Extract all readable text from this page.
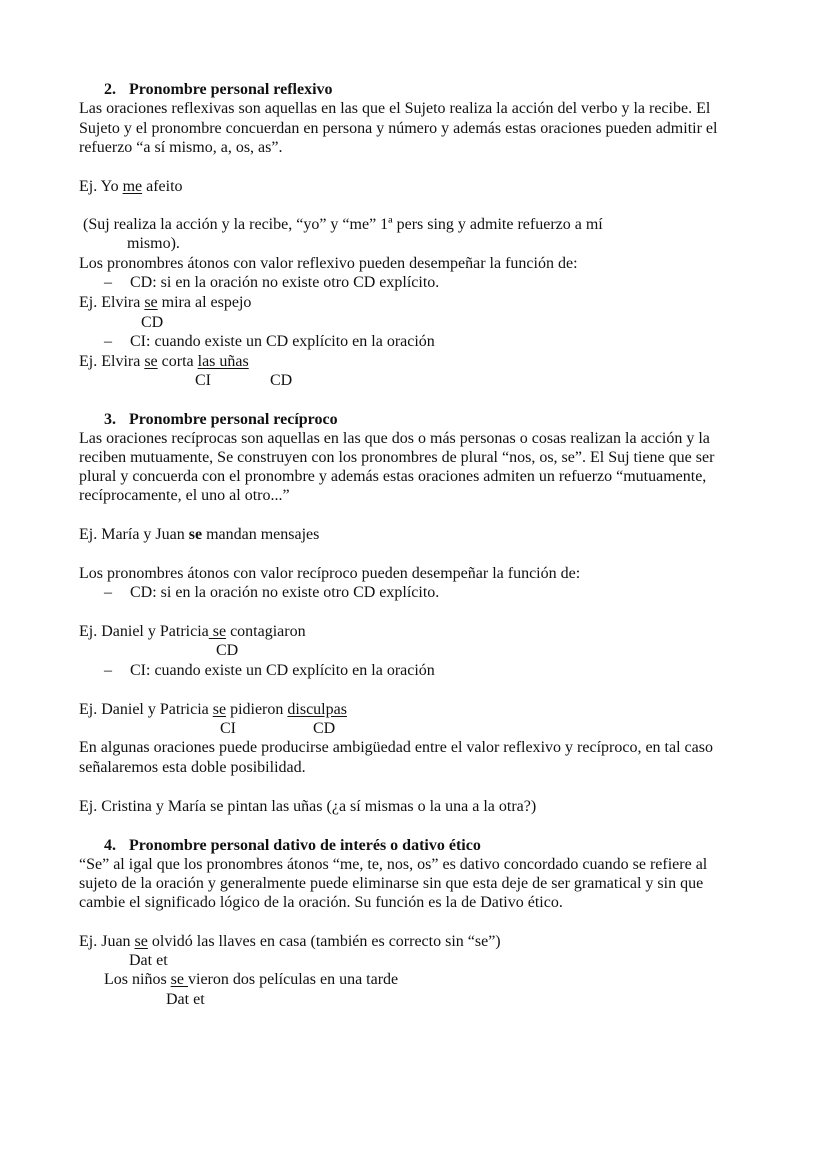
2. Pronombre personal reflexivo
Las oraciones reflexivas son aquellas en las que el Sujeto realiza la acción del verbo y la recibe. El
Sujeto y el pronombre concuerdan en persona y número y además estas oraciones pueden admitir el
refuerzo “a sí mismo, a, os, as”.
Ej. Yo me afeito
(Suj realiza la acción y la recibe, “yo” y “me” 1ª pers sing y admite refuerzo a mí
mismo).
Los pronombres átonos con valor reflexivo pueden desempeñar la función de:
– CD: si en la oración no existe otro CD explícito.
Ej. Elvira se mira al espejo
CD
– CI: cuando existe un CD explícito en la oración
Ej. Elvira se corta las uñas
CI	CD
3. Pronombre personal recíproco
Las oraciones recíprocas son aquellas en las que dos o más personas o cosas realizan la acción y la
reciben mutuamente, Se construyen con los pronombres de plural “nos, os, se”. El Suj tiene que ser
plural y concuerda con el pronombre y además estas oraciones admiten un refuerzo “mutuamente,
recíprocamente, el uno al otro...”
Ej. María y Juan se mandan mensajes
Los pronombres átonos con valor recíproco pueden desempeñar la función de:
– CD: si en la oración no existe otro CD explícito.
Ej. Daniel y Patricia se contagiaron
CD
– CI: cuando existe un CD explícito en la oración
Ej. Daniel y Patricia se pidieron disculpas
CI	CD
En algunas oraciones puede producirse ambigüedad entre el valor reflexivo y recíproco, en tal caso
señalaremos esta doble posibilidad.
Ej. Cristina y María se pintan las uñas (¿a sí mismas o la una a la otra?)
4. Pronombre personal dativo de interés o dativo ético
“Se” al igal que los pronombres átonos “me, te, nos, os” es dativo concordado cuando se refiere al
sujeto de la oración y generalmente puede eliminarse sin que esta deje de ser gramatical y sin que
cambie el significado lógico de la oración. Su función es la de Dativo ético.
Ej. Juan se olvidó las llaves en casa (también es correcto sin “se”)
Dat et
Los niños se vieron dos películas en una tarde
Dat et
